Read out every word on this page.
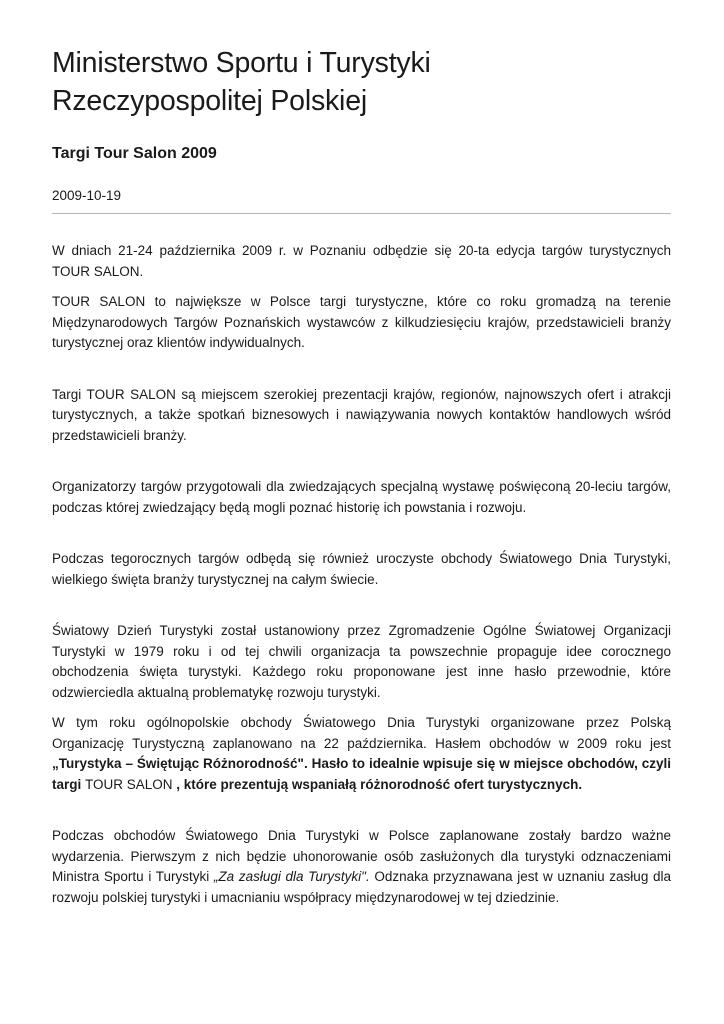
Ministerstwo Sportu i Turystyki
Rzeczypospolitej Polskiej
Targi Tour Salon 2009
2009-10-19

W dniach 21-24 października 2009 r. w Poznaniu odbędzie się 20-ta edycja targów turystycznych TOUR SALON.

TOUR SALON to największe w Polsce targi turystyczne, które co roku gromadzą na terenie Międzynarodowych Targów Poznańskich wystawców z kilkudziesięciu krajów, przedstawicieli branży turystycznej oraz klientów indywidualnych.

Targi TOUR SALON są miejscem szerokiej prezentacji krajów, regionów, najnowszych ofert i atrakcji turystycznych, a także spotkań biznesowych i nawiązywania nowych kontaktów handlowych wśród przedstawicieli branży.

Organizatorzy targów przygotowali dla zwiedzających specjalną wystawę poświęconą 20-leciu targów, podczas której zwiedzający będą mogli poznać historię ich powstania i rozwoju.

Podczas tegorocznych targów odbędą się również uroczyste obchody Światowego Dnia Turystyki, wielkiego święta branży turystycznej na całym świecie.

Światowy Dzień Turystyki został ustanowiony przez Zgromadzenie Ogólne Światowej Organizacji Turystyki w 1979 roku i od tej chwili organizacja ta powszechnie propaguje idee corocznego obchodzenia święta turystyki. Każdego roku proponowane jest inne hasło przewodnie, które odzwierciedla aktualną problematykę rozwoju turystyki.

W tym roku ogólnopolskie obchody Światowego Dnia Turystyki organizowane przez Polską Organizację Turystyczną zaplanowano na 22 października. Hasłem obchodów w 2009 roku jest „Turystyka – Świętując Różnorodność". Hasło to idealnie wpisuje się w miejsce obchodów, czyli targi TOUR SALON , które prezentują wspaniałą różnorodność ofert turystycznych.

Podczas obchodów Światowego Dnia Turystyki w Polsce zaplanowane zostały bardzo ważne wydarzenia. Pierwszym z nich będzie uhonorowanie osób zasłużonych dla turystyki odznaczeniami Ministra Sportu i Turystyki „Za zasługi dla Turystyki". Odznaka przyznawana jest w uznaniu zasług dla rozwoju polskiej turystyki i umacnianiu współpracy międzynarodowej w tej dziedzinie.
